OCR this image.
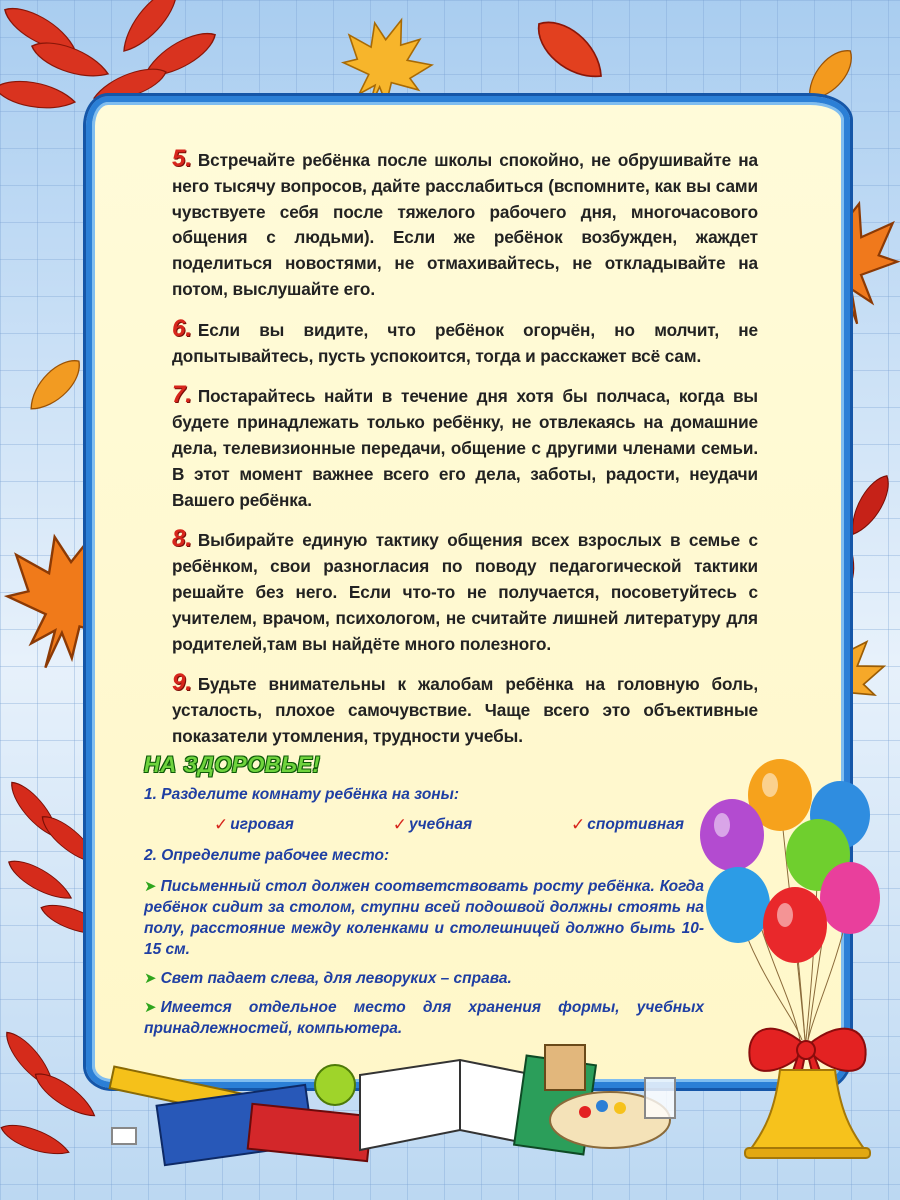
5. Встречайте ребёнка после школы спокойно, не обрушивайте на него тысячу вопросов, дайте расслабиться (вспомните, как вы сами чувствуете себя после тяжелого рабочего дня, многочасового общения с людьми). Если же ребёнок возбужден, жаждет поделиться новостями, не отмахивайтесь, не откладывайте на потом, выслушайте его.

6. Если вы видите, что ребёнок огорчён, но молчит, не допытывайтесь, пусть успокоится, тогда и расскажет всё сам.

7. Постарайтесь найти в течение дня хотя бы полчаса, когда вы будете принадлежать только ребёнку, не отвлекаясь на домашние дела, телевизионные передачи, общение с другими членами семьи. В этот момент важнее всего его дела, заботы, радости, неудачи Вашего ребёнка.

8. Выбирайте единую тактику общения всех взрослых в семье с ребёнком, свои разногласия по поводу педагогической тактики решайте без него. Если что-то не получается, посоветуйтесь с учителем, врачом, психологом, не считайте лишней литературу для родителей,там вы найдёте много полезного.

9. Будьте внимательны к жалобам ребёнка на головную боль, усталость, плохое самочувствие. Чаще всего это объективные показатели утомления, трудности учебы.

НА ЗДОРОВЬЕ!
1. Разделите комнату ребёнка на зоны:
✓ игровая	✓ учебная	✓ спортивная
2. Определите рабочее место:
➤ Письменный стол должен соответствовать росту ребёнка. Когда ребёнок сидит за столом, ступни всей подошвой должны стоять на полу, расстояние между коленками и столешницей должно быть 10-15 см.
➤ Свет падает слева, для леворуких – справа.
➤ Имеется отдельное место для хранения формы, учебных принадлежностей, компьютера.
